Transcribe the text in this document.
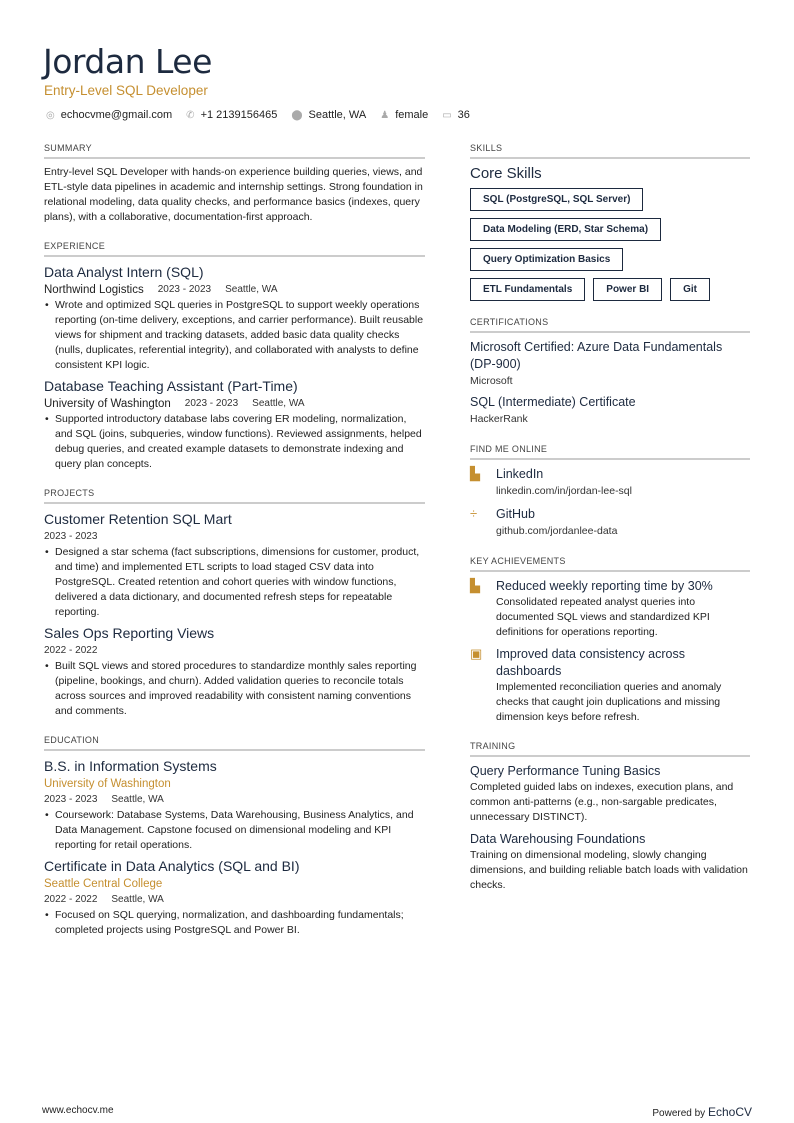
Jordan Lee
Entry-Level SQL Developer
◎ echocvme@gmail.com ✆ +1 2139156465 ⬤ Seattle, WA ♟ female ▭ 36
SUMMARY

Entry-level SQL Developer with hands-on experience building queries, views, and ETL-style data pipelines in academic and internship settings. Strong foundation in relational modeling, data quality checks, and performance basics (indexes, query plans), with a collaborative, documentation-first approach.

EXPERIENCE
Data Analyst Intern (SQL)
Northwind Logistics 2023 - 2023 Seattle, WA
• Wrote and optimized SQL queries in PostgreSQL to support weekly operations reporting (on-time delivery, exceptions, and carrier performance). Built reusable views for shipment and tracking datasets, added basic data quality checks (nulls, duplicates, referential integrity), and collaborated with analysts to define consistent KPI logic.
Database Teaching Assistant (Part-Time)
University of Washington 2023 - 2023 Seattle, WA
• Supported introductory database labs covering ER modeling, normalization, and SQL (joins, subqueries, window functions). Reviewed assignments, helped debug queries, and created example datasets to demonstrate indexing and query plan concepts.
PROJECTS
Customer Retention SQL Mart
2023 - 2023
• Designed a star schema (fact subscriptions, dimensions for customer, product, and time) and implemented ETL scripts to load staged CSV data into PostgreSQL. Created retention and cohort queries with window functions, delivered a data dictionary, and documented refresh steps for repeatable reporting.
Sales Ops Reporting Views
2022 - 2022
• Built SQL views and stored procedures to standardize monthly sales reporting (pipeline, bookings, and churn). Added validation queries to reconcile totals across sources and improved readability with consistent naming conventions and comments.
EDUCATION
B.S. in Information Systems
University of Washington
2023 - 2023 Seattle, WA
• Coursework: Database Systems, Data Warehousing, Business Analytics, and Data Management. Capstone focused on dimensional modeling and KPI reporting for retail operations.
Certificate in Data Analytics (SQL and BI)
Seattle Central College
2022 - 2022 Seattle, WA
• Focused on SQL querying, normalization, and dashboarding fundamentals; completed projects using PostgreSQL and Power BI.
SKILLS
Core Skills
SQL (PostgreSQL, SQL Server)
Data Modeling (ERD, Star Schema)
Query Optimization Basics
ETL Fundamentals	Power BI	Git
CERTIFICATIONS
Microsoft Certified: Azure Data Fundamentals (DP-900)
Microsoft
SQL (Intermediate) Certificate
HackerRank
FIND ME ONLINE
▙	LinkedIn
linkedin.com/in/jordan-lee-sql
÷	GitHub
github.com/jordanlee-data
KEY ACHIEVEMENTS
▙	Reduced weekly reporting time by 30%

Consolidated repeated analyst queries into documented SQL views and standardized KPI definitions for operations reporting.

▣ Improved data consistency across dashboards

Implemented reconciliation queries and anomaly checks that caught join duplications and missing dimension keys before refresh.

TRAINING
Query Performance Tuning Basics

Completed guided labs on indexes, execution plans, and common anti-patterns (e.g., non-sargable predicates, unnecessary DISTINCT).

Data Warehousing Foundations

Training on dimensional modeling, slowly changing dimensions, and building reliable batch loads with validation checks.

www.echocv.me	Powered by EchoCV
